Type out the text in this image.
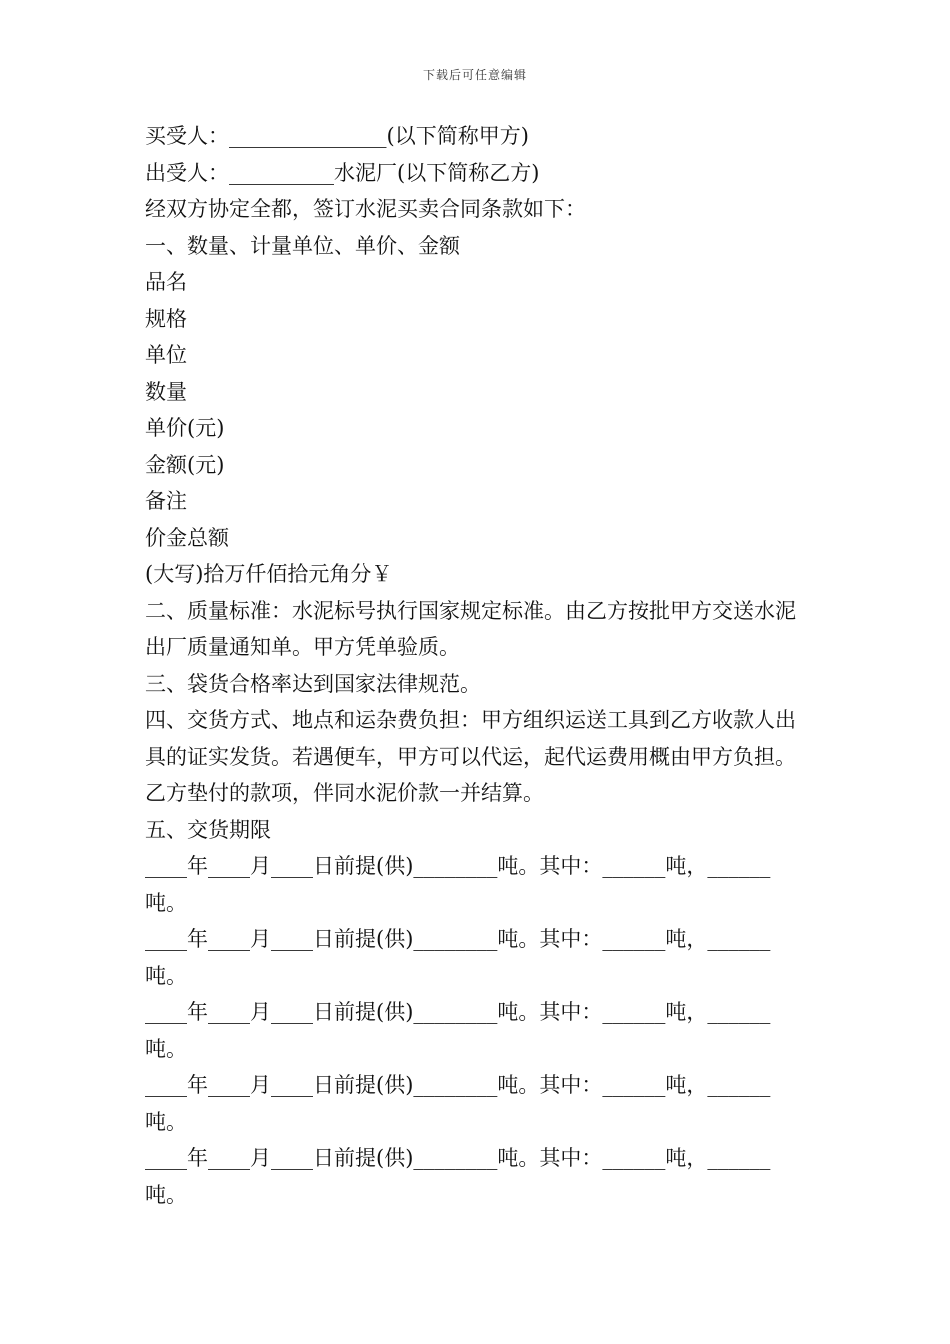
下载后可任意编辑
买受人：_______________(以下简称甲方)
出受人：__________水泥厂(以下简称乙方)
经双方协定全都，签订水泥买卖合同条款如下：
一、数量、计量单位、单价、金额
品名
规格
单位
数量
单价(元)
金额(元)
备注
价金总额
(大写)拾万仟佰拾元角分￥
二、质量标准：水泥标号执行国家规定标准。由乙方按批甲方交送水泥出厂质量通知单。甲方凭单验质。
三、袋货合格率达到国家法律规范。
四、交货方式、地点和运杂费负担：甲方组织运送工具到乙方收款人出具的证实发货。若遇便车，甲方可以代运，起代运费用概由甲方负担。乙方垫付的款项，伴同水泥价款一并结算。
五、交货期限
____年____月____日前提(供)________吨。其中：______吨，______吨。
____年____月____日前提(供)________吨。其中：______吨，______吨。
____年____月____日前提(供)________吨。其中：______吨，______吨。
____年____月____日前提(供)________吨。其中：______吨，______吨。
____年____月____日前提(供)________吨。其中：______吨，______吨。
